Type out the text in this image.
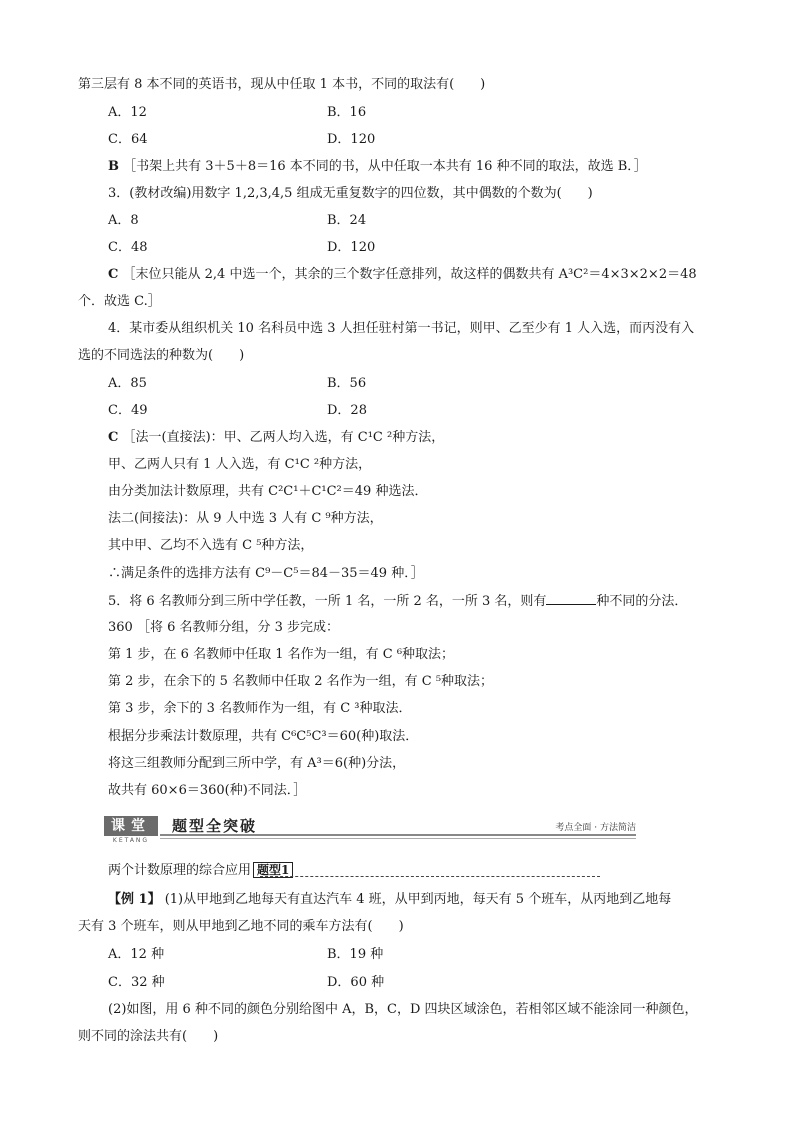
第三层有 8 本不同的英语书，现从中任取 1 本书，不同的取法有(　　)
A．12	B．16
C．64	D．120
B ［书架上共有 3＋5＋8＝16 本不同的书，从中任取一本共有 16 种不同的取法，故选 B．］
3．(教材改编)用数字 1,2,3,4,5 组成无重复数字的四位数，其中偶数的个数为(　　)
A．8	B．24
C．48	D．120
C ［末位只能从 2,4 中选一个，其余的三个数字任意排列，故这样的偶数共有 A³C²＝4×3×2×2＝48
个．故选 C.］
4．某市委从组织机关 10 名科员中选 3 人担任驻村第一书记，则甲、乙至少有 1 人入选，而丙没有入
选的不同选法的种数为(　　)
A．85	B．56
C．49	D．28
C ［法一(直接法)：甲、乙两人均入选，有 C¹C ²种方法，
甲、乙两人只有 1 人入选，有 C¹C ²种方法，
由分类加法计数原理，共有 C²C¹＋C¹C²＝49 种选法．
法二(间接法)：从 9 人中选 3 人有 C ⁹种方法，
其中甲、乙均不入选有 C ⁵种方法，
∴满足条件的选排方法有 C⁹－C⁵＝84－35＝49 种．］
5．将 6 名教师分到三所中学任教，一所 1 名，一所 2 名，一所 3 名，则有	种不同的分法．
360 ［将 6 名教师分组，分 3 步完成：
第 1 步，在 6 名教师中任取 1 名作为一组，有 C ⁶种取法；
第 2 步，在余下的 5 名教师中任取 2 名作为一组，有 C ⁵种取法；
第 3 步，余下的 3 名教师作为一组，有 C ³种取法．
根据分步乘法计数原理，共有 C⁶C⁵C³＝60(种)取法．
将这三组教师分配到三所中学，有 A³＝6(种)分法，
故共有 60×6＝360(种)不同法．］
课堂
KETANG
题型全突破	考点全面 · 方法简洁
两个计数原理的综合应用 题型1
【例 1】 (1)从甲地到乙地每天有直达汽车 4 班，从甲到丙地，每天有 5 个班车，从丙地到乙地每
天有 3 个班车，则从甲地到乙地不同的乘车方法有(　　)
A．12 种	B．19 种
C．32 种	D．60 种
(2)如图，用 6 种不同的颜色分别给图中 A，B，C，D 四块区域涂色，若相邻区域不能涂同一种颜色，
则不同的涂法共有(　　)
